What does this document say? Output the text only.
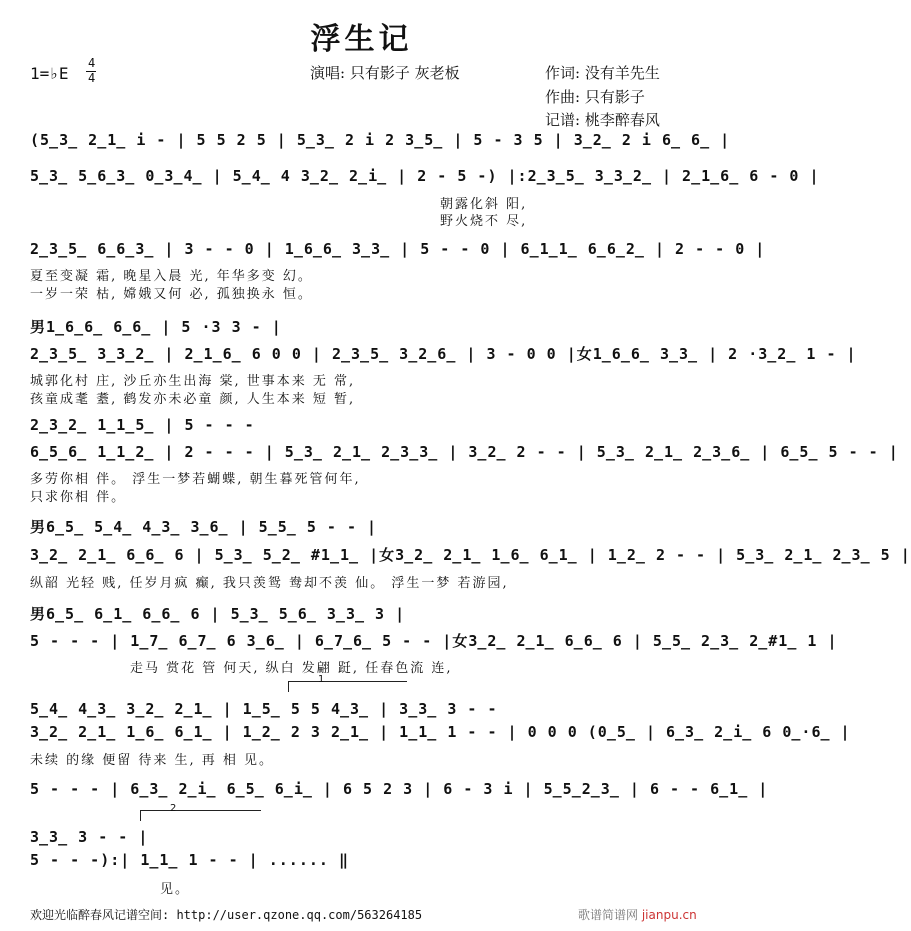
浮生记
1=♭E
4
4	演唱: 只有影子 灰老板	作词: 没有羊先生
作曲: 只有影子
记谱: 桃李醉春风
(5̲3̲ 2̲1̲ i - | 5 5 2 5 | 5̲3̲ 2 i 2 3̲5̲ | 5 - 3 5 | 3̲2̲ 2 i 6̲ 6̲ |
5̲3̲ 5̲6̲3̲ 0̲3̲4̲ | 5̲4̲ 4 3̲2̲ 2̲i̲ | 2 - 5 -) |:2̲3̲5̲ 3̲3̲2̲ | 2̲1̲6̲ 6 - 0 |
2̲3̲5̲ 6̲6̲3̲ | 3 - - 0 | 1̲6̲6̲ 3̲3̲ | 5 - - 0 | 6̲1̲1̲ 6̲6̲2̲ | 2 - - 0 |
男1̲6̲6̲ 6̲6̲ | 5 ·3 3 - |
2̲3̲5̲ 3̲3̲2̲ | 2̲1̲6̲ 6 0 0 | 2̲3̲5̲ 3̲2̲6̲ | 3 - 0 0 |女1̲6̲6̲ 3̲3̲ | 2 ·3̲2̲ 1 - |
2̲3̲2̲ 1̲1̲5̲ | 5 - - -
6̲5̲6̲ 1̲1̲2̲ | 2 - - - | 5̲3̲ 2̲1̲ 2̲3̲3̲ | 3̲2̲ 2 - - | 5̲3̲ 2̲1̲ 2̲3̲6̲ | 6̲5̲ 5 - - |
男6̲5̲ 5̲4̲ 4̲3̲ 3̲6̲ | 5̲5̲ 5 - - |
3̲2̲ 2̲1̲ 6̲6̲ 6 | 5̲3̲ 5̲2̲ #1̲1̲ |女3̲2̲ 2̲1̲ 1̲6̲ 6̲1̲ | 1̲2̲ 2 - - | 5̲3̲ 2̲1̲ 2̲3̲ 5 |
男6̲5̲ 6̲1̲ 6̲6̲ 6 | 5̲3̲ 5̲6̲ 3̲3̲ 3 |
5 - - - | 1̲7̲ 6̲7̲ 6 3̲6̲ | 6̲7̲6̲ 5 - - |女3̲2̲ 2̲1̲ 6̲6̲ 6 | 5̲5̲ 2̲3̲ 2̲#1̲ 1 |
5̲4̲ 4̲3̲ 3̲2̲ 2̲1̲ | 1̲5̲ 5 5 4̲3̲ | 3̲3̲ 3 - -
3̲2̲ 2̲1̲ 1̲6̲ 6̲1̲ | 1̲2̲ 2 3 2̲1̲ | 1̲1̲ 1 - - | 0 0 0 (0̲5̲ | 6̲3̲ 2̲i̲ 6 0̲·6̲ |
5 - - - | 6̲3̲ 2̲i̲ 6̲5̲ 6̲i̲ | 6 5 2 3 | 6 - 3 i | 5̲5̲2̲3̲ | 6 - - 6̲1̲ |
3̲3̲ 3 - - |
5 - - -):| 1̲1̲ 1 - - | ...... ‖
朝露化斜 阳,
野火烧不 尽,
夏至变凝 霜, 晚星入晨 光, 年华多变 幻。
一岁一荣 枯, 嫦娥又何 必, 孤独换永 恒。
城郭化村 庄, 沙丘亦生出海 棠, 世事本来 无 常,
孩童成耄 耋, 鹤发亦未必童 颜, 人生本来 短 暂,
多劳你相 伴。 浮生一梦若蝴蝶, 朝生暮死管何年,
只求你相 伴。
纵韶 光轻 贱, 任岁月疯 癫, 我只羡鸳 鸯却不羡 仙。 浮生一梦 若游园,
走马 赏花 管 何天, 纵白 发翩 跹, 任春色流 连,
未续 的缘 便留 待来 生, 再 相 见。
见。
1
2
欢迎光临醉春风记谱空间: http://user.qzone.qq.com/563264185	歌谱简谱网 jianpu.cn
